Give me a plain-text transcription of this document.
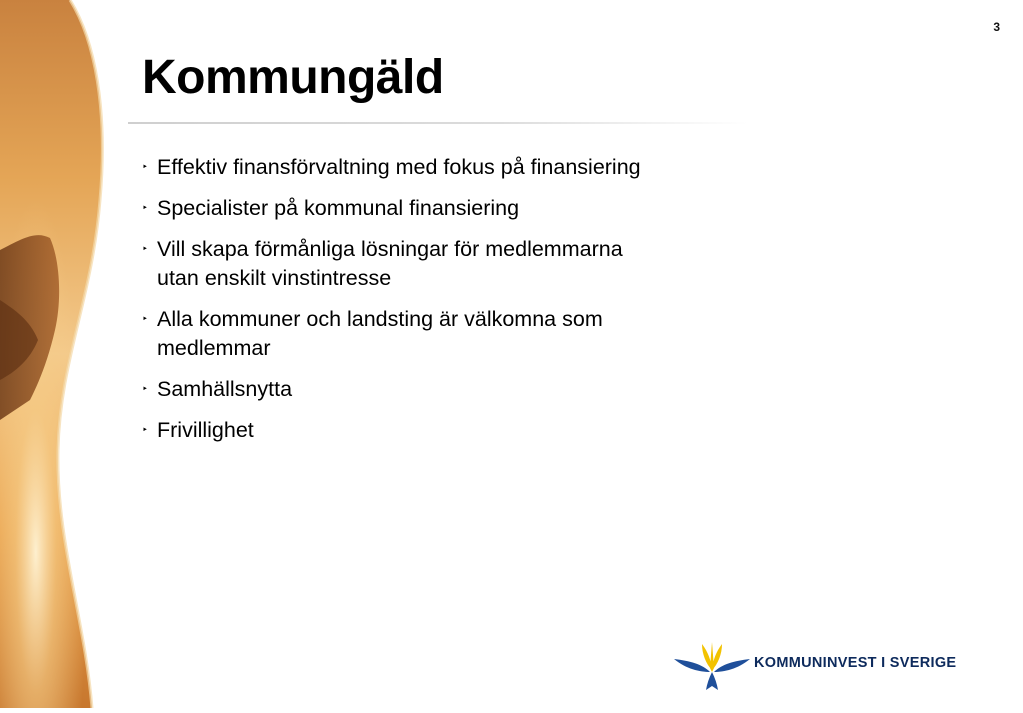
3
Kommungäld
‣ Effektiv finansförvaltning med fokus på finansiering
‣ Specialister på kommunal finansiering
‣ Vill skapa förmånliga lösningar för medlemmarna utan enskilt vinstintresse
‣ Alla kommuner och landsting är välkomna som medlemmar
‣ Samhällsnytta
‣ Frivillighet
KOMMUNINVEST I SVERIGE
